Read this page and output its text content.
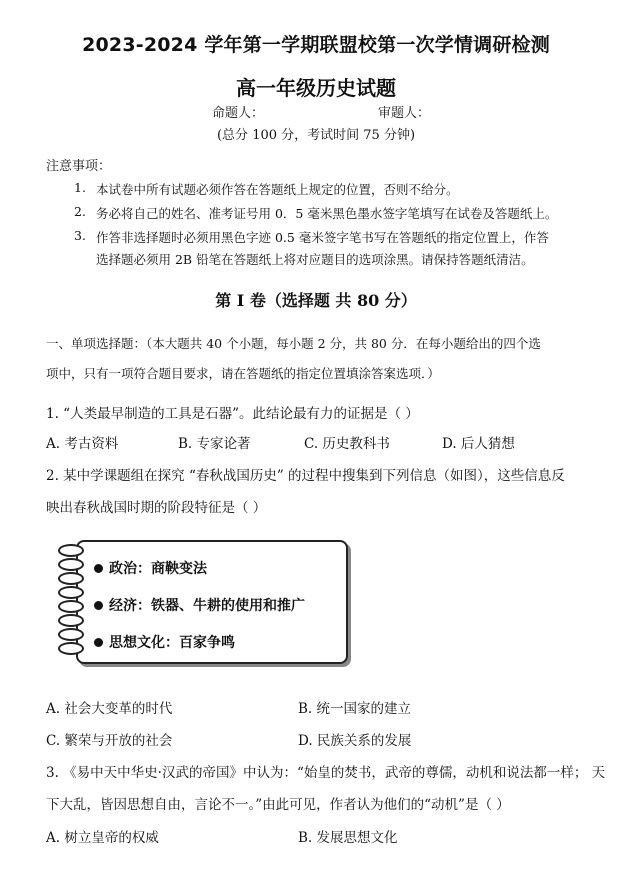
2023-2024 学年第一学期联盟校第一次学情调研检测
高一年级历史试题
命题人：	审题人：
(总分 100 分，考试时间 75 分钟)
注意事项：
1. 本试卷中所有试题必须作答在答题纸上规定的位置，否则不给分。
2. 务必将自己的姓名、准考证号用 0．5 毫米黑色墨水签字笔填写在试卷及答题纸上。
3. 作答非选择题时必须用黑色字迹 0.5 毫米签字笔书写在答题纸的指定位置上，作答
选择题必须用 2B 铅笔在答题纸上将对应题目的选项涂黑。请保持答题纸清洁。
第 I 卷（选择题 共 80 分）
一、单项选择题：（本大题共 40 个小题，每小题 2 分，共 80 分．在每小题给出的四个选
项中，只有一项符合题目要求，请在答题纸的指定位置填涂答案选项．）
1. “人类最早制造的工具是石器”。此结论最有力的证据是（ ）
A. 考古资料	B. 专家论著	C. 历史教科书	D. 后人猜想
2. 某中学课题组在探究 “春秋战国历史” 的过程中搜集到下列信息（如图），这些信息反
映出春秋战国时期的阶段特征是（ ）
政治：商鞅变法
经济：铁器、牛耕的使用和推广
思想文化：百家争鸣
A. 社会大变革的时代	B. 统一国家的建立
C. 繁荣与开放的社会	D. 民族关系的发展
3. 《易中天中华史·汉武的帝国》中认为：“始皇的焚书，武帝的尊儒，动机和说法都一样； 天
下大乱，皆因思想自由，言论不一。”由此可见，作者认为他们的“动机”是（ ）
A. 树立皇帝的权威	B. 发展思想文化
